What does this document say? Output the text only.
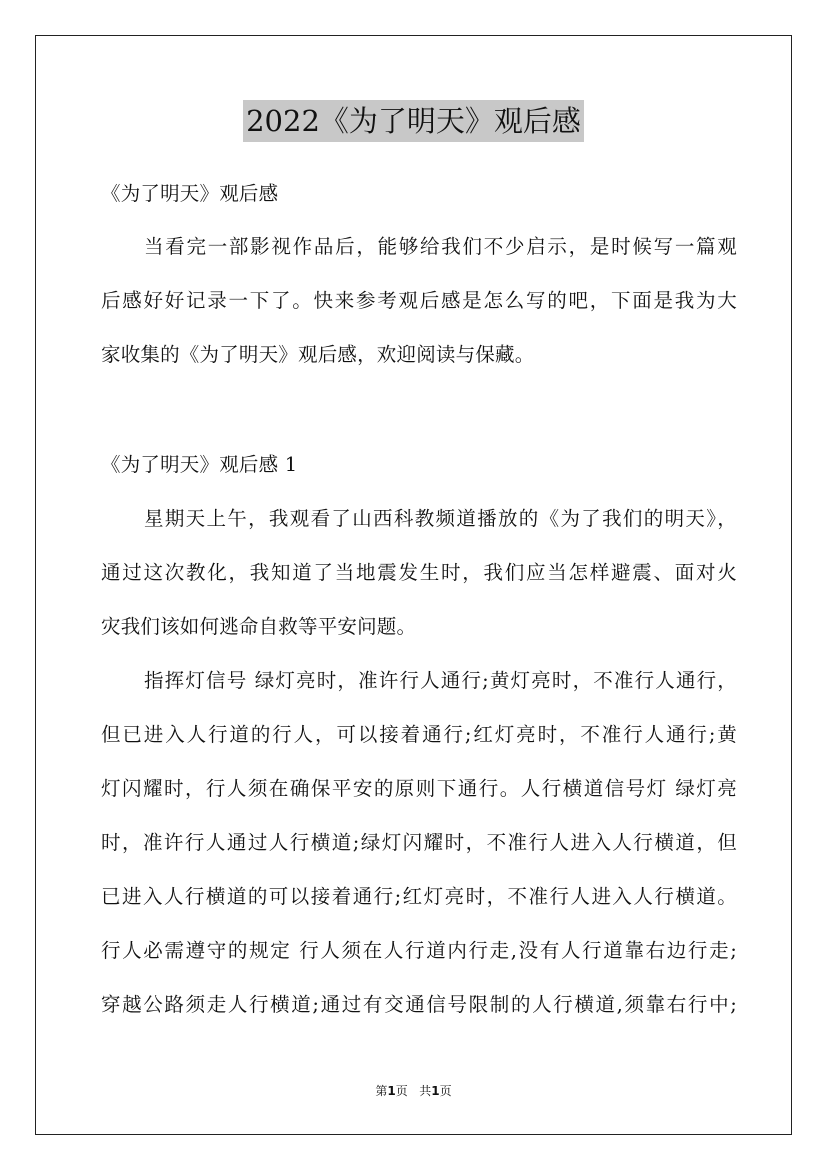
2022《为了明天》观后感
《为了明天》观后感
当看完一部影视作品后，能够给我们不少启示，是时候写一篇观
后感好好记录一下了。快来参考观后感是怎么写的吧，下面是我为大
家收集的《为了明天》观后感，欢迎阅读与保藏。
《为了明天》观后感 1
星期天上午，我观看了山西科教频道播放的《为了我们的明天》，
通过这次教化，我知道了当地震发生时，我们应当怎样避震、面对火
灾我们该如何逃命自救等平安问题。
指挥灯信号 绿灯亮时，准许行人通行;黄灯亮时，不准行人通行，
但已进入人行道的行人，可以接着通行;红灯亮时，不准行人通行;黄
灯闪耀时，行人须在确保平安的原则下通行。人行横道信号灯 绿灯亮
时，准许行人通过人行横道;绿灯闪耀时，不准行人进入人行横道，但
已进入人行横道的可以接着通行;红灯亮时，不准行人进入人行横道。
行人必需遵守的规定 行人须在人行道内行走,没有人行道靠右边行走;
穿越公路须走人行横道;通过有交通信号限制的人行横道,须靠右行中;
第1页 共1页
